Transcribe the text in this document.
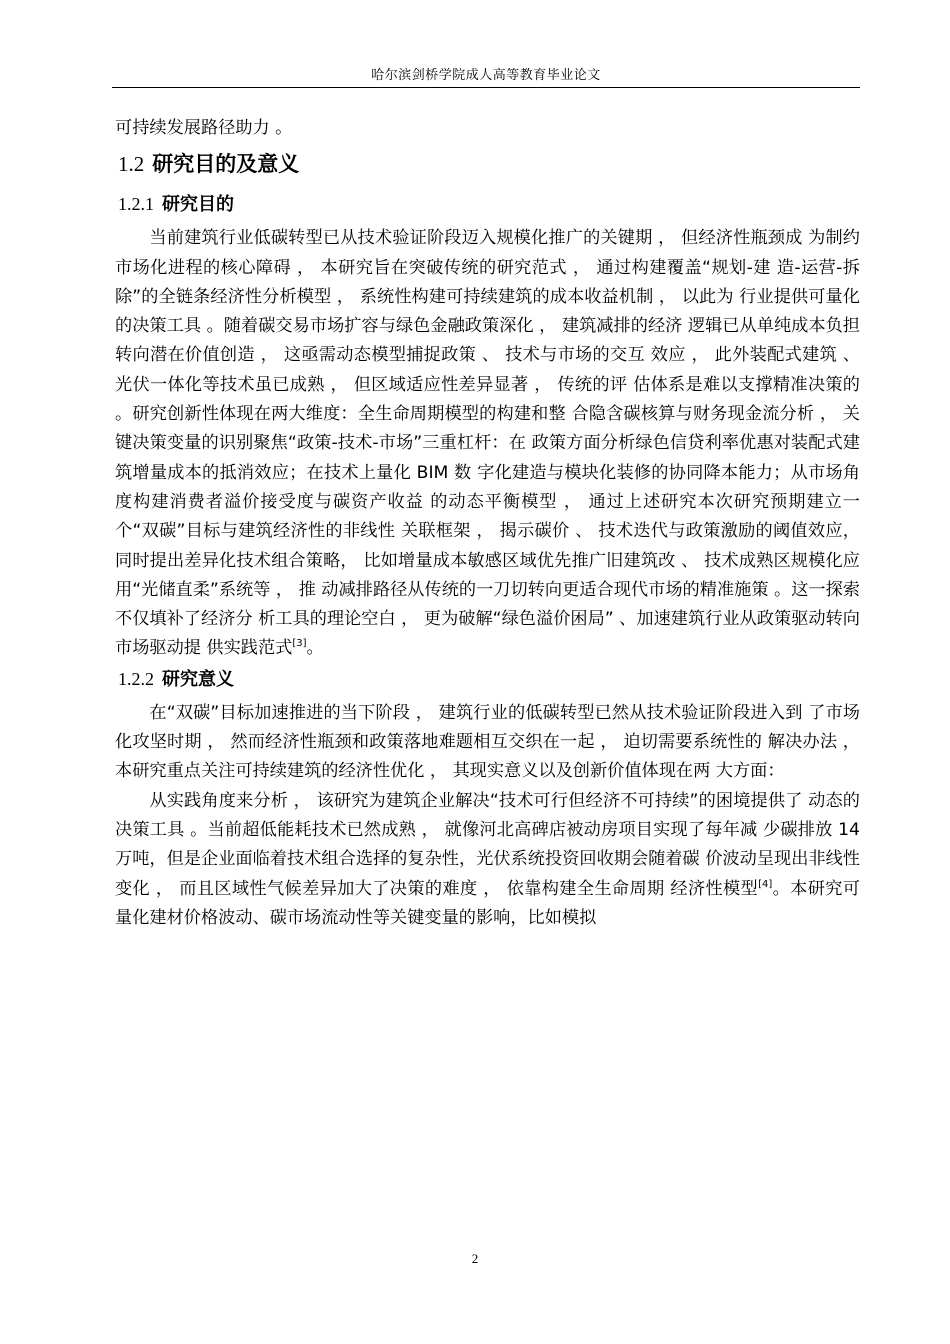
哈尔滨剑桥学院成人高等教育毕业论文

可持续发展路径助力 。

1.2 研究目的及意义
1.2.1 研究目的

当前建筑行业低碳转型已从技术验证阶段迈入规模化推广的关键期 ， 但经济性瓶颈成 为制约市场化进程的核心障碍 ， 本研究旨在突破传统的研究范式 ， 通过构建覆盖“规划-建 造-运营-拆除”的全链条经济性分析模型 ， 系统性构建可持续建筑的成本收益机制 ， 以此为 行业提供可量化的决策工具 。随着碳交易市场扩容与绿色金融政策深化 ， 建筑减排的经济 逻辑已从单纯成本负担转向潜在价值创造 ， 这亟需动态模型捕捉政策 、 技术与市场的交互 效应 ， 此外装配式建筑 、光伏一体化等技术虽已成熟 ， 但区域适应性差异显著 ， 传统的评 估体系是难以支撑精准决策的 。研究创新性体现在两大维度：全生命周期模型的构建和整 合隐含碳核算与财务现金流分析 ， 关键决策变量的识别聚焦“政策-技术-市场”三重杠杆：在 政策方面分析绿色信贷利率优惠对装配式建筑增量成本的抵消效应；在技术上量化 BIM 数 字化建造与模块化装修的协同降本能力；从市场角度构建消费者溢价接受度与碳资产收益 的动态平衡模型 ， 通过上述研究本次研究预期建立一个“双碳”目标与建筑经济性的非线性 关联框架 ， 揭示碳价 、 技术迭代与政策激励的阈值效应， 同时提出差异化技术组合策略， 比如增量成本敏感区域优先推广旧建筑改 、 技术成熟区规模化应用“光储直柔”系统等 ， 推 动减排路径从传统的一刀切转向更适合现代市场的精准施策 。这一探索不仅填补了经济分 析工具的理论空白 ， 更为破解“绿色溢价困局” 、加速建筑行业从政策驱动转向市场驱动提 供实践范式[3]。

1.2.2 研究意义

在“双碳”目标加速推进的当下阶段 ， 建筑行业的低碳转型已然从技术验证阶段进入到 了市场化攻坚时期 ， 然而经济性瓶颈和政策落地难题相互交织在一起 ， 迫切需要系统性的 解决办法 ， 本研究重点关注可持续建筑的经济性优化 ， 其现实意义以及创新价值体现在两 大方面：

从实践角度来分析 ， 该研究为建筑企业解决“技术可行但经济不可持续”的困境提供了 动态的决策工具 。当前超低能耗技术已然成熟 ， 就像河北高碑店被动房项目实现了每年减 少碳排放 14 万吨，但是企业面临着技术组合选择的复杂性，光伏系统投资回收期会随着碳 价波动呈现出非线性变化 ， 而且区域性气候差异加大了决策的难度 ， 依靠构建全生命周期 经济性模型[4]。本研究可量化建材价格波动、碳市场流动性等关键变量的影响，比如模拟

2
